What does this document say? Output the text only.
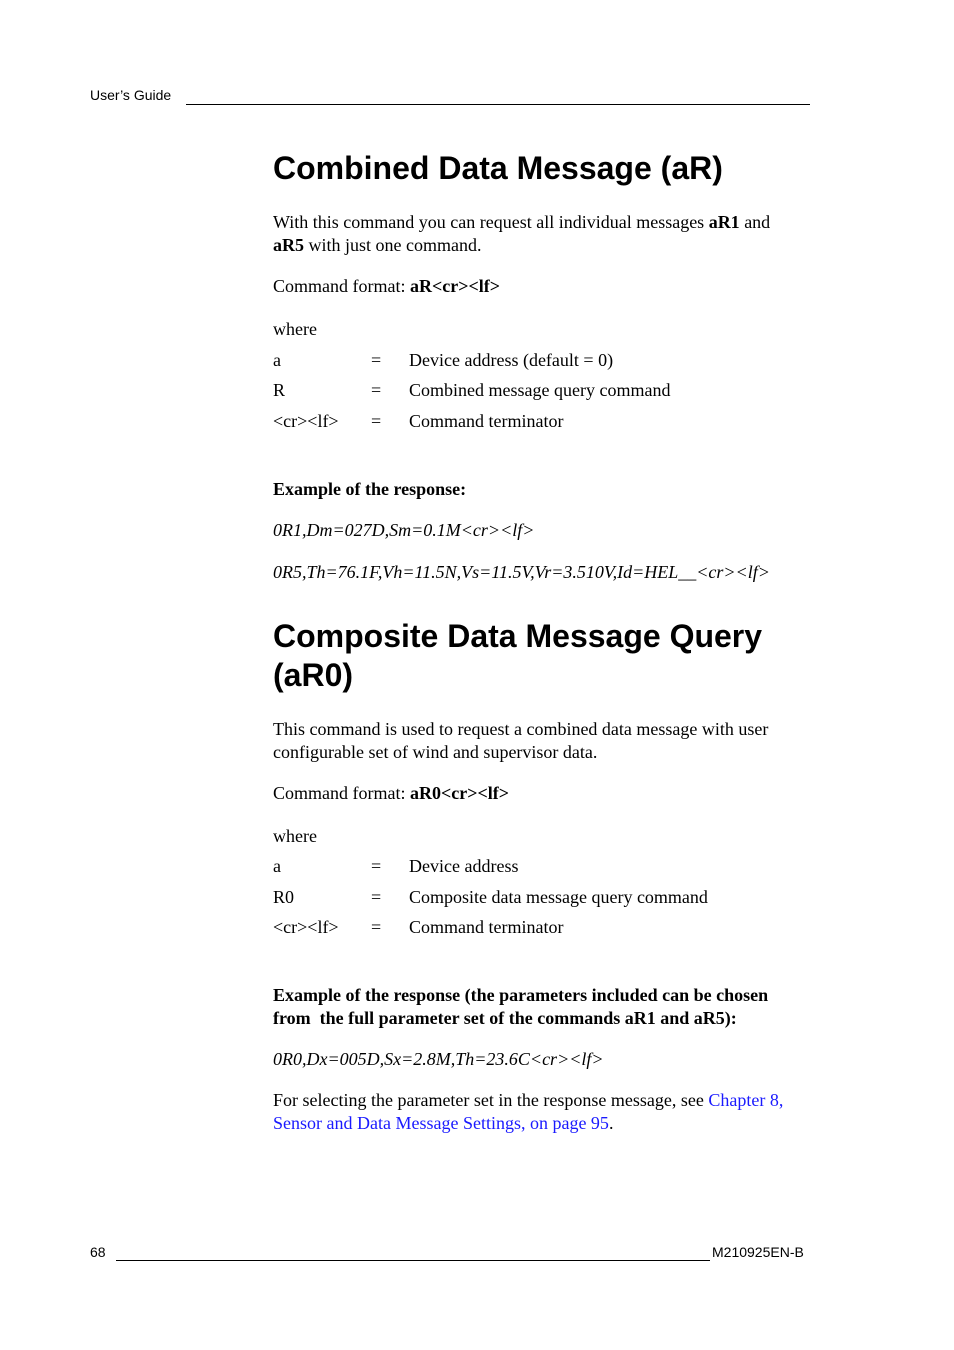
User’s Guide
Combined Data Message (aR)

With this command you can request all individual messages aR1 and

aR5 with just one command.

Command format: aR<cr><lf>

where

a	= Device address (default = 0)
R	= Combined message query command
<cr><lf> = Command terminator

Example of the response:

0R1,Dm=027D,Sm=0.1M<cr><lf>

0R5,Th=76.1F,Vh=11.5N,Vs=11.5V,Vr=3.510V,Id=HEL__<cr><lf>

Composite Data Message Query
(aR0)

This command is used to request a combined data message with user

configurable set of wind and supervisor data.

Command format: aR0<cr><lf>

where

a	= Device address
R0	= Composite data message query command
<cr><lf> = Command terminator

Example of the response (the parameters included can be chosen

from  the full parameter set of the commands aR1 and aR5):

0R0,Dx=005D,Sx=2.8M,Th=23.6C<cr><lf>

For selecting the parameter set in the response message, see Chapter 8,

Sensor and Data Message Settings, on page 95.

68	M210925EN-B
